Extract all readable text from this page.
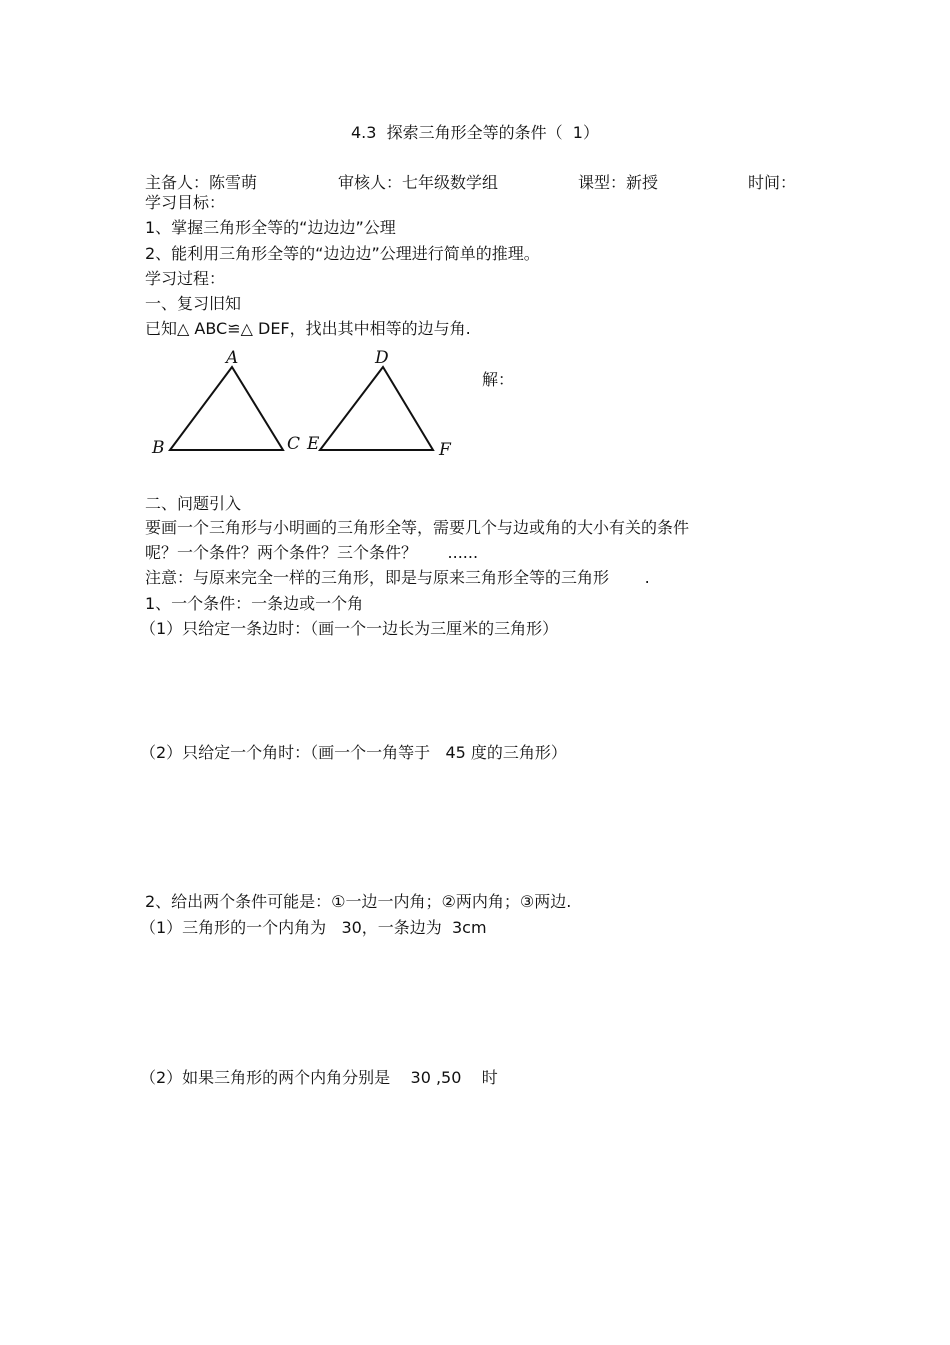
4.3  探索三角形全等的条件（  1）
主备人：陈雪萌	审核人：七年级数学组	课型：新授	时间：
学习目标：
1、掌握三角形全等的“边边边”公理
2、能利用三角形全等的“边边边”公理进行简单的推理。
学习过程：
一、复习旧知
已知△ ABC≌△ DEF，找出其中相等的边与角.
A
B	C
D
E	F
解：
二、问题引入
要画一个三角形与小明画的三角形全等，需要几个与边或角的大小有关的条件
呢？一个条件？两个条件？三个条件？      ......
注意：与原来完全一样的三角形，即是与原来三角形全等的三角形       .
1、一个条件：一条边或一个角
（1）只给定一条边时：（画一个一边长为三厘米的三角形）
（2）只给定一个角时：（画一个一角等于   45 度的三角形）
2、给出两个条件可能是：①一边一内角；②两内角；③两边.
（1）三角形的一个内角为   30，一条边为  3cm
（2）如果三角形的两个内角分别是    30 ,50    时
